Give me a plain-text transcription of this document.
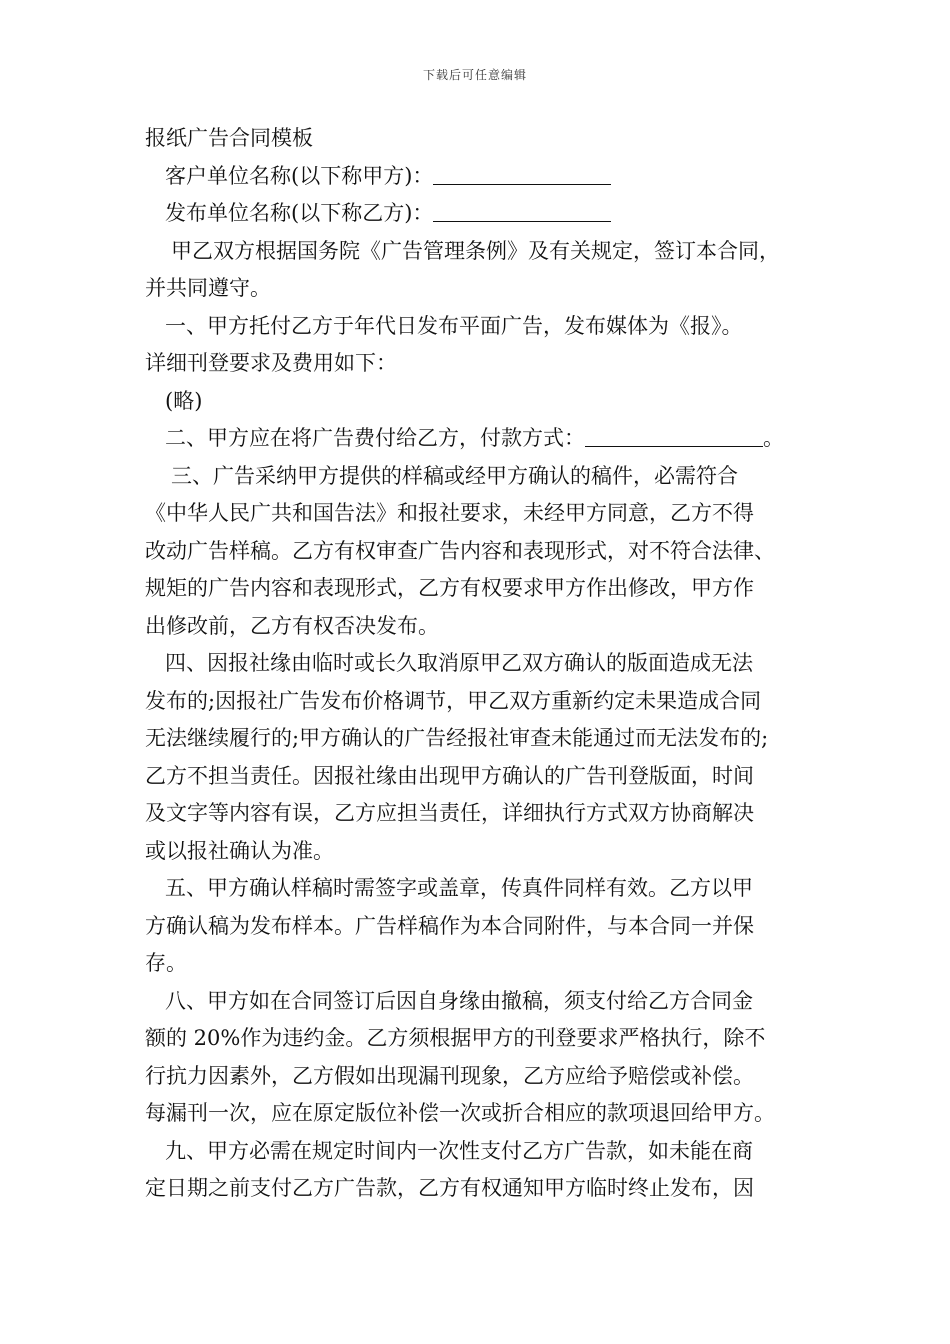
下载后可任意编辑
报纸广告合同模板
客户单位名称(以下称甲方)：
发布单位名称(以下称乙方)：
甲乙双方根据国务院《广告管理条例》及有关规定，签订本合同，
并共同遵守。
一、甲方托付乙方于年代日发布平面广告，发布媒体为《报》。
详细刊登要求及费用如下：
(略)
二、甲方应在将广告费付给乙方，付款方式：	。
三、广告采纳甲方提供的样稿或经甲方确认的稿件，必需符合
《中华人民广共和国告法》和报社要求，未经甲方同意，乙方不得
改动广告样稿。乙方有权审查广告内容和表现形式，对不符合法律、
规矩的广告内容和表现形式，乙方有权要求甲方作出修改，甲方作
出修改前，乙方有权否决发布。
四、因报社缘由临时或长久取消原甲乙双方确认的版面造成无法
发布的;因报社广告发布价格调节，甲乙双方重新约定未果造成合同
无法继续履行的;甲方确认的广告经报社审查未能通过而无法发布的;
乙方不担当责任。因报社缘由出现甲方确认的广告刊登版面，时间
及文字等内容有误，乙方应担当责任，详细执行方式双方协商解决
或以报社确认为准。
五、甲方确认样稿时需签字或盖章，传真件同样有效。乙方以甲
方确认稿为发布样本。广告样稿作为本合同附件，与本合同一并保
存。
八、甲方如在合同签订后因自身缘由撤稿，须支付给乙方合同金
额的 20%作为违约金。乙方须根据甲方的刊登要求严格执行，除不
行抗力因素外，乙方假如出现漏刊现象，乙方应给予赔偿或补偿。
每漏刊一次，应在原定版位补偿一次或折合相应的款项退回给甲方。
九、甲方必需在规定时间内一次性支付乙方广告款，如未能在商
定日期之前支付乙方广告款，乙方有权通知甲方临时终止发布，因
